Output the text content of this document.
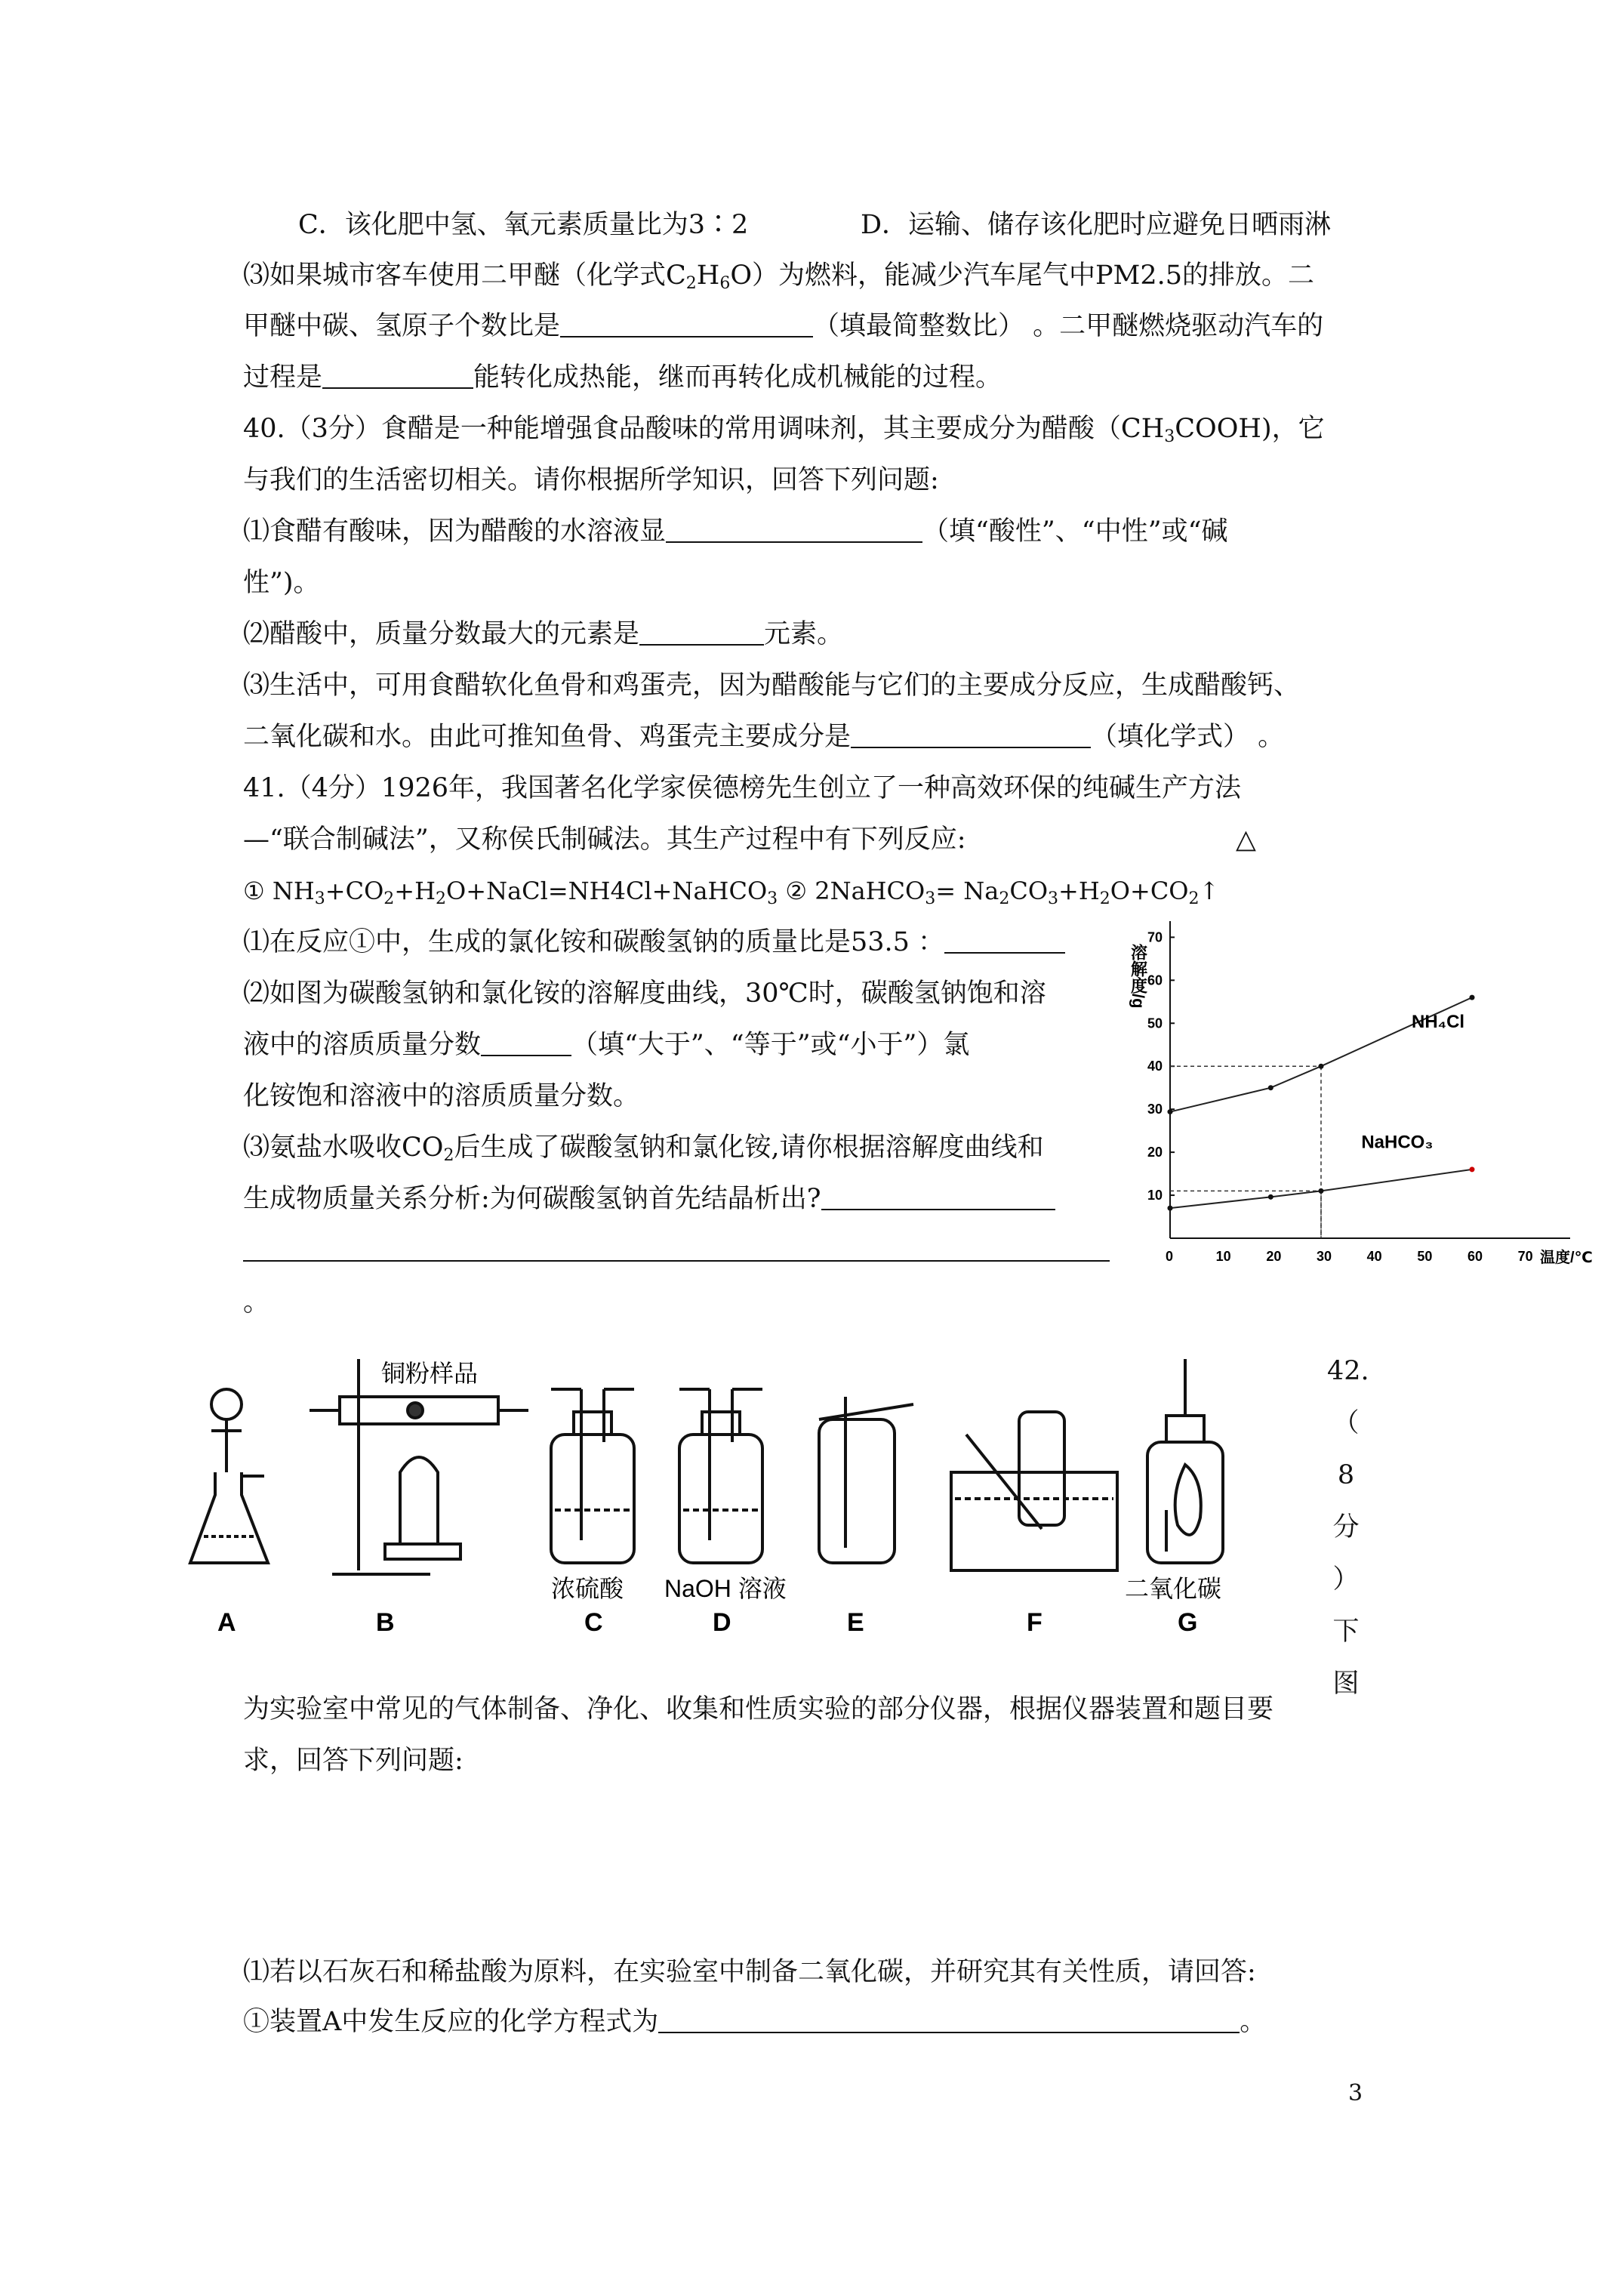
C．该化肥中氢、氧元素质量比为3∶2	D．运输、储存该化肥时应避免日晒雨淋
⑶如果城市客车使用二甲醚（化学式$C_2H_6O$）为燃料，能减少汽车尾气中PM2.5的排放。二
甲醚中碳、氢原子个数比是	（填最简整数比） 。二甲醚燃烧驱动汽车的
过程是	能转化成热能，继而再转化成机械能的过程。
40.（3分）食醋是一种能增强食品酸味的常用调味剂，其主要成分为醋酸$(CH_3COOH)$，它
与我们的生活密切相关。请你根据所学知识，回答下列问题:
⑴食醋有酸味，因为醋酸的水溶液显	（填“酸性”、“中性”或“碱
性”)。
⑵醋酸中，质量分数最大的元素是	元素。
⑶生活中，可用食醋软化鱼骨和鸡蛋壳，因为醋酸能与它们的主要成分反应，生成醋酸钙、
二氧化碳和水。由此可推知鱼骨、鸡蛋壳主要成分是	（填化学式） 。
41.（4分）1926年，我国著名化学家侯德榜先生创立了一种高效环保的纯碱生产方法
—“联合制碱法”，又称侯氏制碱法。其生产过程中有下列反应:	△
① $NH_3+CO_2+H_2O+NaCl=NH4Cl+NaHCO_3$ ② 2NaHCO$_3$= $Na_2CO_3+H_2O+CO_2↑$
⑴在反应①中，生成的氯化铵和碳酸氢钠的质量比是53.5 ：
⑵如图为碳酸氢钠和氯化铵的溶解度曲线，30℃时，碳酸氢钠饱和溶
液中的溶质质量分数	（填“大于”、“等于”或“小于”）氯
化铵饱和溶液中的溶质质量分数。
⑶氨盐水吸收$CO_2$后生成了碳酸氢钠和氯化铵,请你根据溶解度曲线和
生成物质量关系分析:为何碳酸氢钠首先结晶析出?
。
0	10	20	30	40	50	60	70
10
20
30
40
50
60
70
NH₄Cl
NaHCO₃
溶解度/g
温度/℃
42.
（
8
分
）
下
图
铜粉样品
浓硫酸 NaOH 溶液	二氧化碳
A	B	C	D	E	F	G
为实验室中常见的气体制备、净化、收集和性质实验的部分仪器，根据仪器装置和题目要
求，回答下列问题:
⑴若以石灰石和稀盐酸为原料，在实验室中制备二氧化碳，并研究其有关性质，请回答:
①装置A中发生反应的化学方程式为	。
3
